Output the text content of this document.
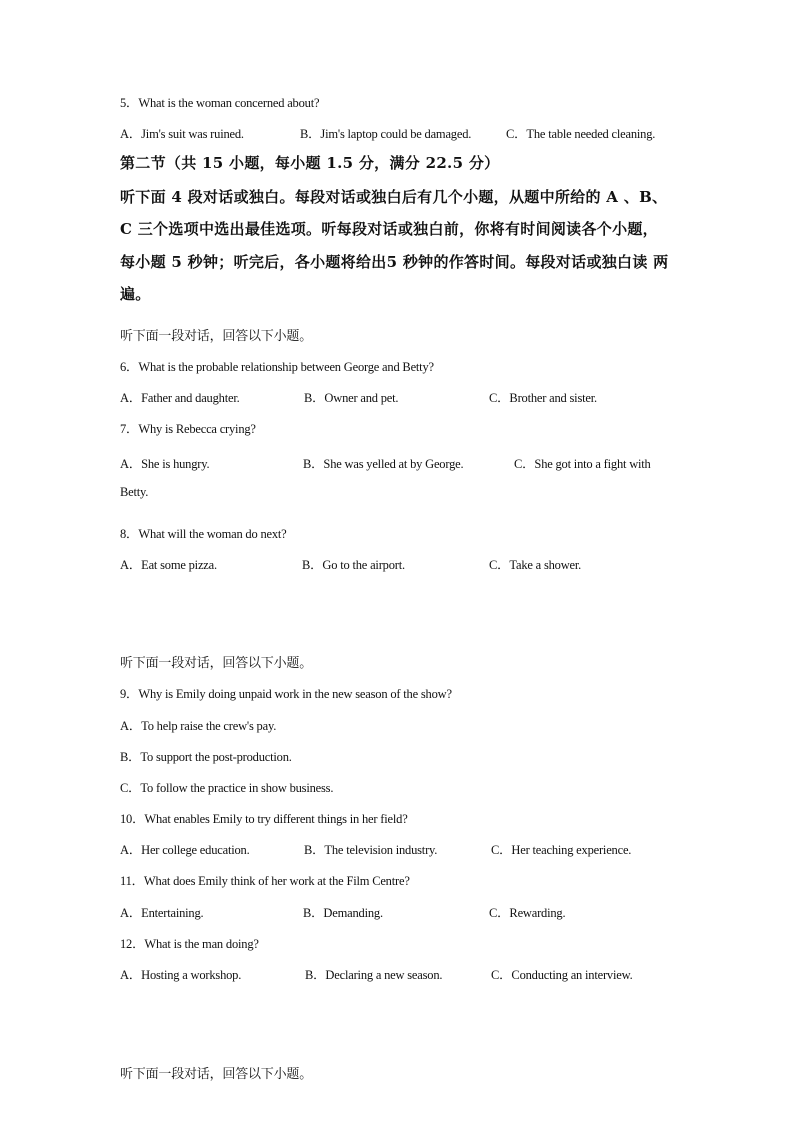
5．What is the woman concerned about?
A．Jim's suit was ruined.	B．Jim's laptop could be damaged.	C．The table needed cleaning.
第二节（共 15 小题，每小题 1.5 分，满分 22.5 分）
听下面 4 段对话或独白。每段对话或独白后有几个小题，从题中所给的 A 、B、
C 三个选项中选出最佳选项。听每段对话或独白前，你将有时间阅读各个小题，
每小题 5 秒钟；听完后，各小题将给出5 秒钟的作答时间。每段对话或独白读 两
遍。
听下面一段对话，回答以下小题。
6．What is the probable relationship between George and Betty?
A．Father and daughter.	B．Owner and pet.	C．Brother and sister.
7．Why is Rebecca crying?
A．She is hungry.	B．She was yelled at by George.	C．She got into a fight with
Betty.
8．What will the woman do next?
A．Eat some pizza.	B．Go to the airport.	C．Take a shower.
听下面一段对话，回答以下小题。
9．Why is Emily doing unpaid work in the new season of the show?
A．To help raise the crew's pay.
B．To support the post-production.
C．To follow the practice in show business.
10．What enables Emily to try different things in her field?
A．Her college education.	B．The television industry.	C．Her teaching experience.
11．What does Emily think of her work at the Film Centre?
A．Entertaining.	B．Demanding.	C．Rewarding.
12．What is the man doing?
A．Hosting a workshop.	B．Declaring a new season.	C．Conducting an interview.
听下面一段对话，回答以下小题。
